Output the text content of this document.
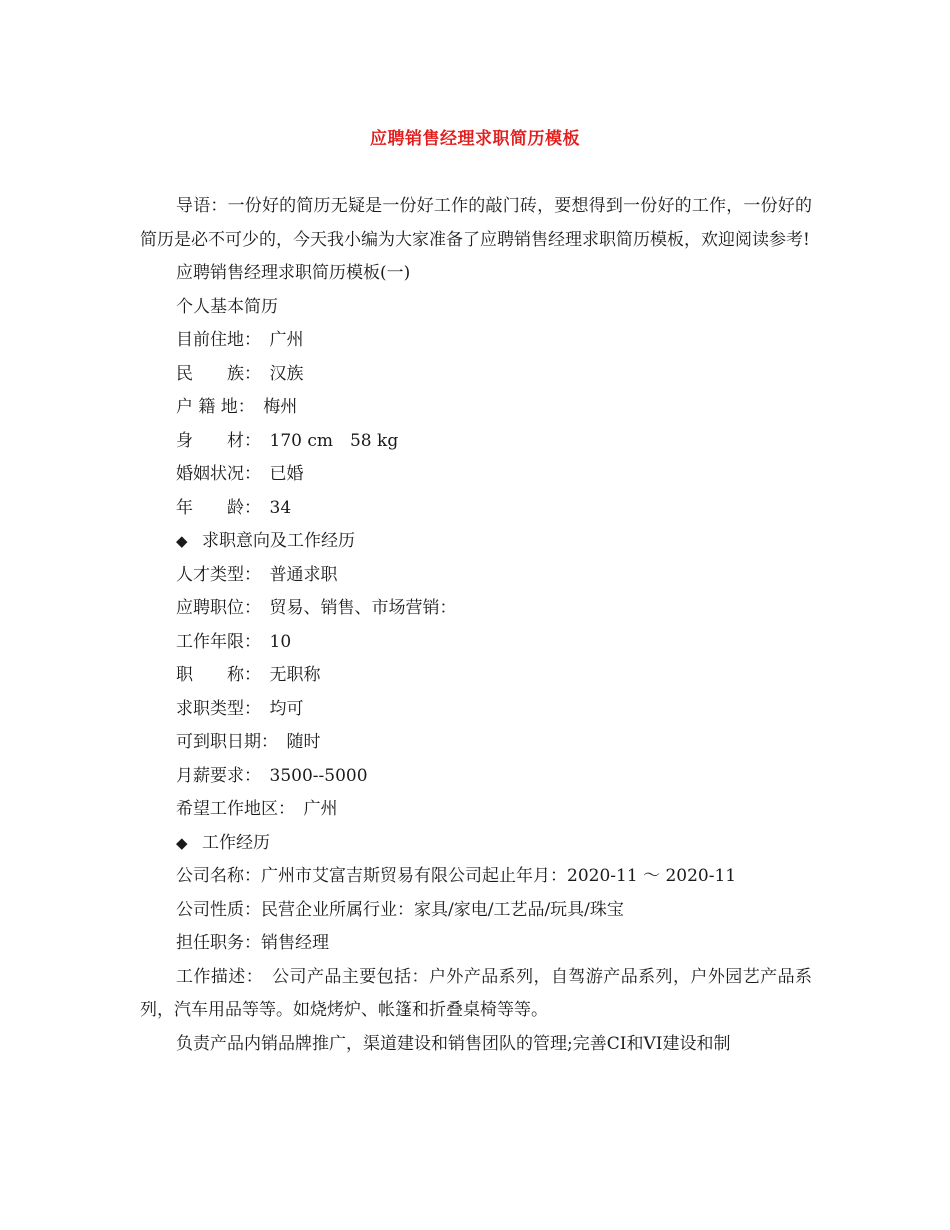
应聘销售经理求职简历模板

导语：一份好的简历无疑是一份好工作的敲门砖，要想得到一份好的工作，一份好的简历是必不可少的，今天我小编为大家准备了应聘销售经理求职简历模板，欢迎阅读参考!

应聘销售经理求职简历模板(一)

个人基本简历

目前住地：　广州

民　　族：　汉族

户 籍 地：　梅州

身　　材：　170 cm　58 kg

婚姻状况：　已婚

年　　龄：　34

◆ 求职意向及工作经历

人才类型：　普通求职

应聘职位：　贸易、销售、市场营销：

工作年限：　10

职　　称：　无职称

求职类型：　均可

可到职日期：　随时

月薪要求：　3500--5000

希望工作地区：　广州

◆ 工作经历

公司名称：广州市艾富吉斯贸易有限公司起止年月：2020-11 ～ 2020-11

公司性质：民营企业所属行业：家具/家电/工艺品/玩具/珠宝

担任职务：销售经理

工作描述：　公司产品主要包括：户外产品系列，自驾游产品系列，户外园艺产品系列，汽车用品等等。如烧烤炉、帐篷和折叠桌椅等等。

负责产品内销品牌推广，渠道建设和销售团队的管理;完善CI和VI建设和制
